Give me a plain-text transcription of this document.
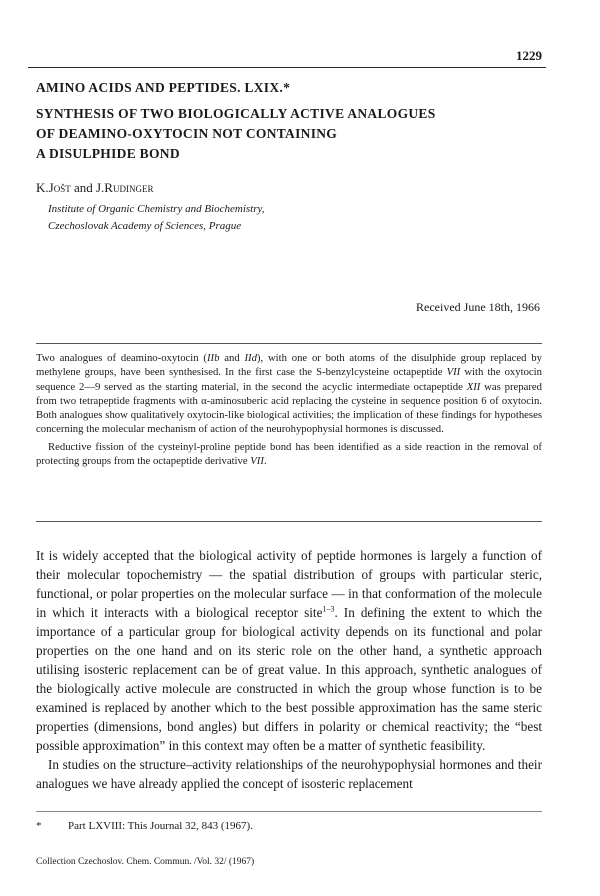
1229
AMINO ACIDS AND PEPTIDES. LXIX.*
SYNTHESIS OF TWO BIOLOGICALLY ACTIVE ANALOGUES
OF DEAMINO-OXYTOCIN NOT CONTAINING
A DISULPHIDE BOND
K.Jošt and J.Rudinger
Institute of Organic Chemistry and Biochemistry,
Czechoslovak Academy of Sciences, Prague
Received June 18th, 1966

Two analogues of deamino-oxytocin (IIb and IId), with one or both atoms of the disulphide group replaced by methylene groups, have been synthesised. In the first case the S-benzylcysteine octapeptide VII with the oxytocin sequence 2—9 served as the starting material, in the second the acyclic intermediate octapeptide XII was prepared from two tetrapeptide fragments with α-aminosuberic acid replacing the cysteine in sequence position 6 of oxytocin. Both analogues show qualitatively oxytocin-like biological activities; the implication of these findings for hypotheses concerning the molecular mechanism of action of the neurohypophysial hormones is discussed.

Reductive fission of the cysteinyl-proline peptide bond has been identified as a side reaction in the removal of protecting groups from the octapeptide derivative VII.

It is widely accepted that the biological activity of peptide hormones is largely a function of their molecular topochemistry — the spatial distribution of groups with particular steric, functional, or polar properties on the molecular surface — in that conformation of the molecule in which it interacts with a biological receptor site$^{1-3}$. In defining the extent to which the importance of a particular group for biological activity depends on its functional and polar properties on the one hand and on its steric role on the other hand, a synthetic approach utilising isosteric replacement can be of great value. In this approach, synthetic analogues of the biologically active molecule are constructed in which the group whose function is to be examined is replaced by another which to the best possible approximation has the same steric properties (dimensions, bond angles) but differs in polarity or chemical reactivity; the “best possible approximation” in this context may often be a matter of synthetic feasibility.

In studies on the structure–activity relationships of the neurohypophysial hormones and their analogues we have already applied the concept of isosteric replacement

* Part LXVIII: This Journal 32, 843 (1967).
Collection Czechoslov. Chem. Commun. /Vol. 32/ (1967)
